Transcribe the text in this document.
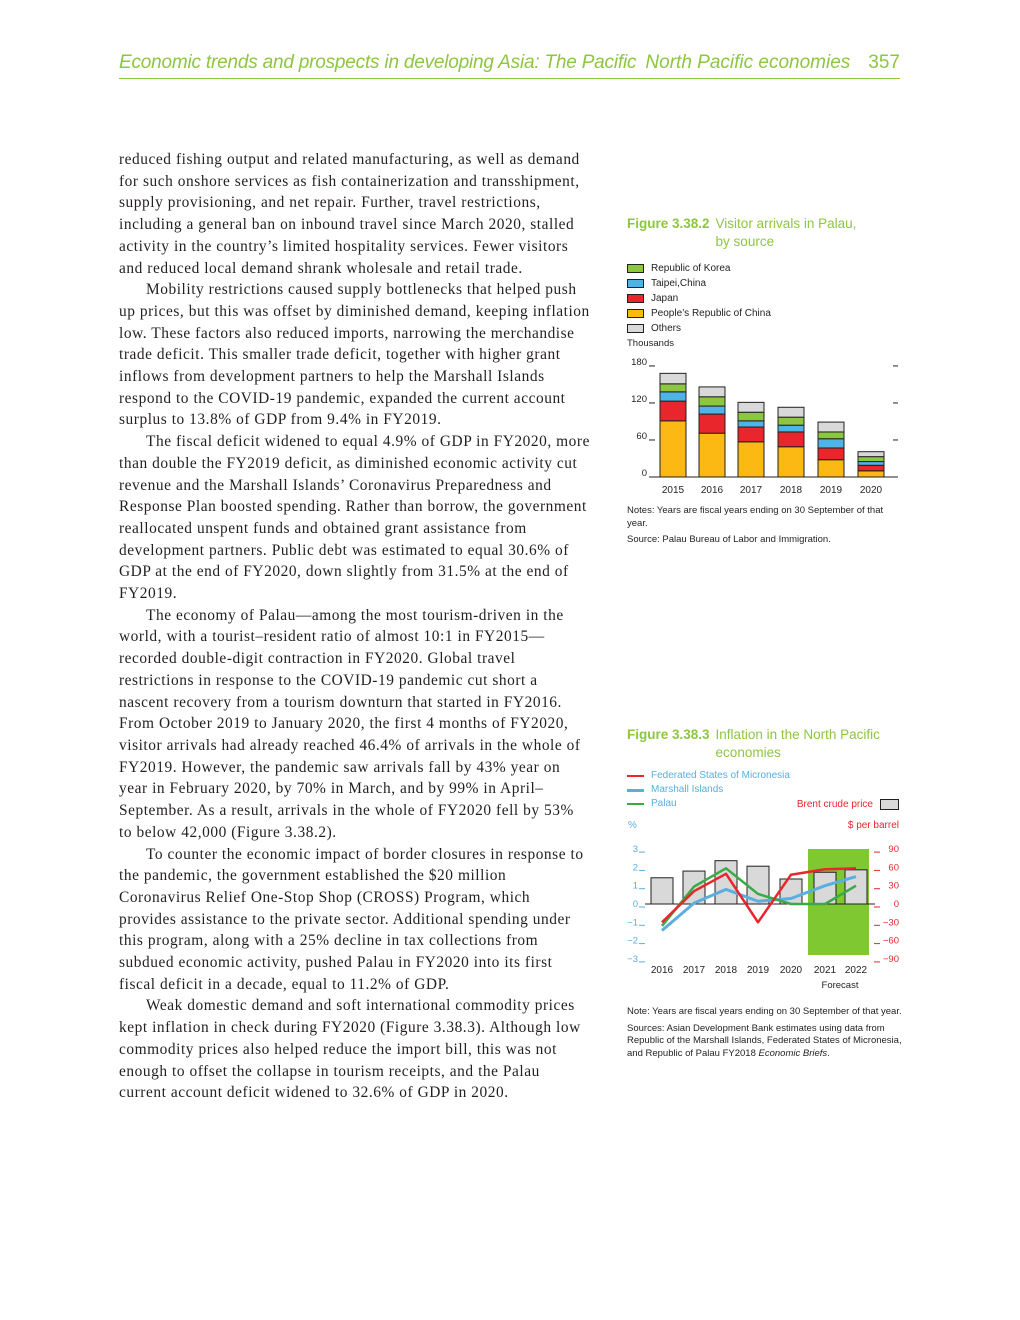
Economic trends and prospects in developing Asia: The Pacific North Pacific economies 357

reduced fishing output and related manufacturing, as well as demand for such onshore services as fish containerization and transshipment, supply provisioning, and net repair. Further, travel restrictions, including a general ban on inbound travel since March 2020, stalled activity in the country’s limited hospitality services. Fewer visitors and reduced local demand shrank wholesale and retail trade.

Mobility restrictions caused supply bottlenecks that helped push up prices, but this was offset by diminished demand, keeping inflation low. These factors also reduced imports, narrowing the merchandise trade deficit. This smaller trade deficit, together with higher grant inflows from development partners to help the Marshall Islands respond to the COVID-19 pandemic, expanded the current account surplus to 13.8% of GDP from 9.4% in FY2019.

The fiscal deficit widened to equal 4.9% of GDP in FY2020, more than double the FY2019 deficit, as diminished economic activity cut revenue and the Marshall Islands’ Coronavirus Preparedness and Response Plan boosted spending. Rather than borrow, the government reallocated unspent funds and obtained grant assistance from development partners. Public debt was estimated to equal 30.6% of GDP at the end of FY2020, down slightly from 31.5% at the end of FY2019.

The economy of Palau—among the most tourism-driven in the world, with a tourist–resident ratio of almost 10:1 in FY2015—recorded double-digit contraction in FY2020. Global travel restrictions in response to the COVID-19 pandemic cut short a nascent recovery from a tourism downturn that started in FY2016. From October 2019 to January 2020, the first 4 months of FY2020, visitor arrivals had already reached 46.4% of arrivals in the whole of FY2019. However, the pandemic saw arrivals fall by 43% year on year in February 2020, by 70% in March, and by 99% in April–September. As a result, arrivals in the whole of FY2020 fell by 53% to below 42,000 (Figure 3.38.2).

To counter the economic impact of border closures in response to the pandemic, the government established the $20 million Coronavirus Relief One-Stop Shop (CROSS) Program, which provides assistance to the private sector. Additional spending under this program, along with a 25% decline in tax collections from subdued economic activity, pushed Palau in FY2020 into its first fiscal deficit in a decade, equal to 11.2% of GDP.

Weak domestic demand and soft international commodity prices kept inflation in check during FY2020 (Figure 3.38.3). Although low commodity prices also helped reduce the import bill, this was not enough to offset the collapse in tourism receipts, and the Palau current account deficit widened to 32.6% of GDP in 2020.

Figure 3.38.2 Visitor arrivals in Palau,
by source
Republic of Korea
Taipei,China
Japan
People’s Republic of China
Others
Thousands
0
60
120
180
2015 2016 2017 2018 2019 2020
Notes: Years are fiscal years ending on 30 September of that year.
Source: Palau Bureau of Labor and Immigration.
Figure 3.38.3 Inflation in the North Pacific
economies
Federated States of Micronesia
Marshall Islands
Palau	Brent crude price
%	$ per barrel
−3
−2
−1
0
1
2
3
−90
−60
−30
0
30
60
90
2016 2017 2018 2019 2020 2021 2022
Forecast
Note: Years are fiscal years ending on 30 September of that year.
Sources: Asian Development Bank estimates using data from Republic of the Marshall Islands, Federated States of Micronesia, and Republic of Palau FY2018 Economic Briefs.
